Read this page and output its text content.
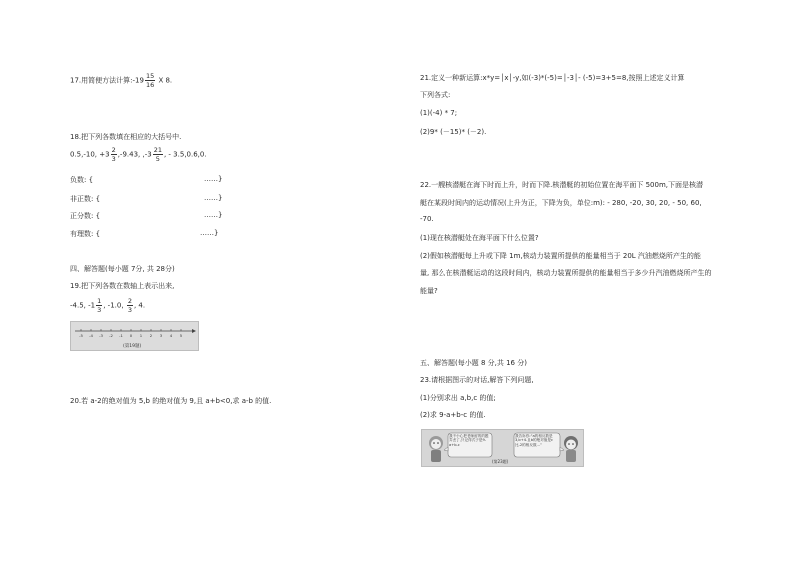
17.用简便方法计算:-19 $\frac{15}{16}$ X 8.
18.把下列各数填在相应的大括号中.
0.5,-10, $+3 \frac{2}{3} ,-9.43$, $,-3 \frac{21}{5}$ , - 3.5,0.6,0.
负数: {	……}
非正数: {	……}
正分数: {	……}
有理数: {	……}
四、解答题(每小题 7分, 共 28分)
19.把下列各数在数轴上表示出来,
-4.5, $-1 \frac{1}{3}$ , -1.0, $\frac{2}{3}$ , 4.
-5 -4 -3 -2 -1 0 1 2 3 4 5
(第19题)
20.若 a-2的绝对值为 5,b 的绝对值为 9,且 a+b<0,求 a-b 的值.
21.定义一种新运算:x*y=│x│-y,如(-3)*(-5)=│-3│- (-5)=3+5=8,按照上述定义计算
下列各式:
(1)(-4) * 7;
(2)9* (－15)* (－2).
22.一艘核潜艇在海下时而上升，时而下降.核潜艇的初始位置在海平面下 500m,下面是核潜
艇在某段时间内的运动情况(上升为正，下降为负，单位:m): - 280, -20, 30, 20, - 50, 60,
-70.
(1)现在核潜艇处在海平面下什么位置?
(2)假如核潜艇每上升或下降 1m,核动力装置所提供的能量相当于 20L 汽油燃烧所产生的能
量, 那么在核潜艇运动的这段时间内，核动力装置所提供的能量相当于多少升汽油燃烧所产生的
能量?
五、解答题(每小题 8 分,共 16 分)
23.请根据图示的对话,解答下列问题,
(1)分别求出 a,b,c 的值;
(2)求 9-a+b-c 的值.
我不小心把老师留的的题弄丢了,只记得式子是9-a+b-c
我告诉你:“a的相反数是3,b+4.且b的绝对值是c比-2的相反数...”
(第23题)
